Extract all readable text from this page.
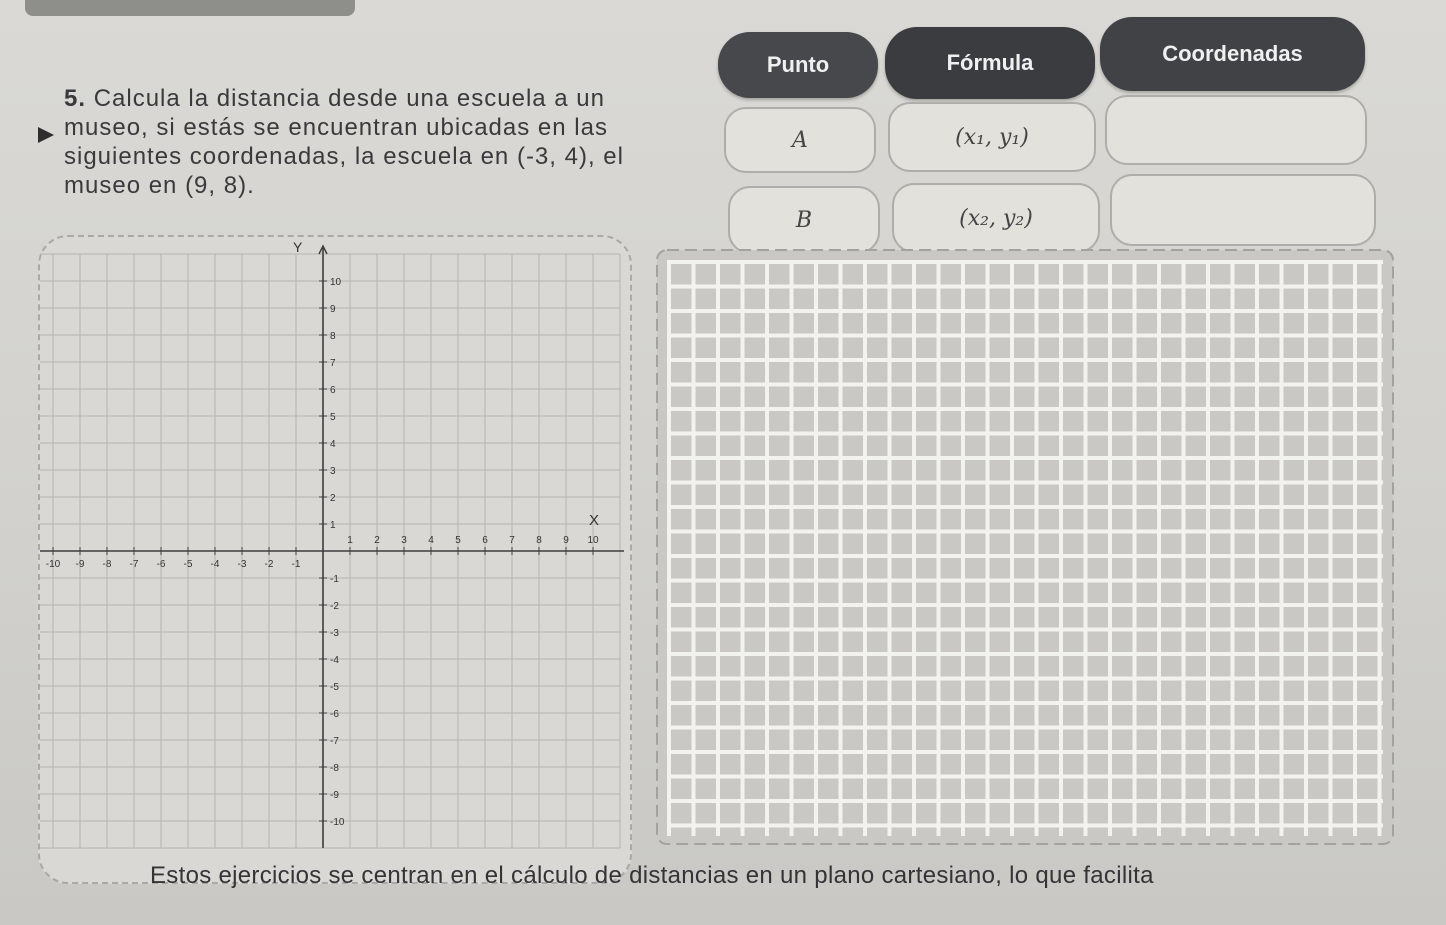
5. Calcula la distancia desde una escuela a un
museo, si estás se encuentran ubicadas en las
siguientes coordenadas, la escuela en (-3, 4), el
museo en (9, 8).
Punto	Fórmula	Coordenadas
A	(x₁, y₁)
B	(x₂, y₂)
Y
X
-10 -9 -8 -7 -6 -5 -4 -3 -2 -1
1 2 3 4 5 6 7 8 9 10
10
9
8
7
6
5
4
3
2
1
-1
-2
-3
-4
-5
-6
-7
-8
-9
-10
Estos ejercicios se centran en el cálculo de distancias en un plano cartesiano, lo que facilita
